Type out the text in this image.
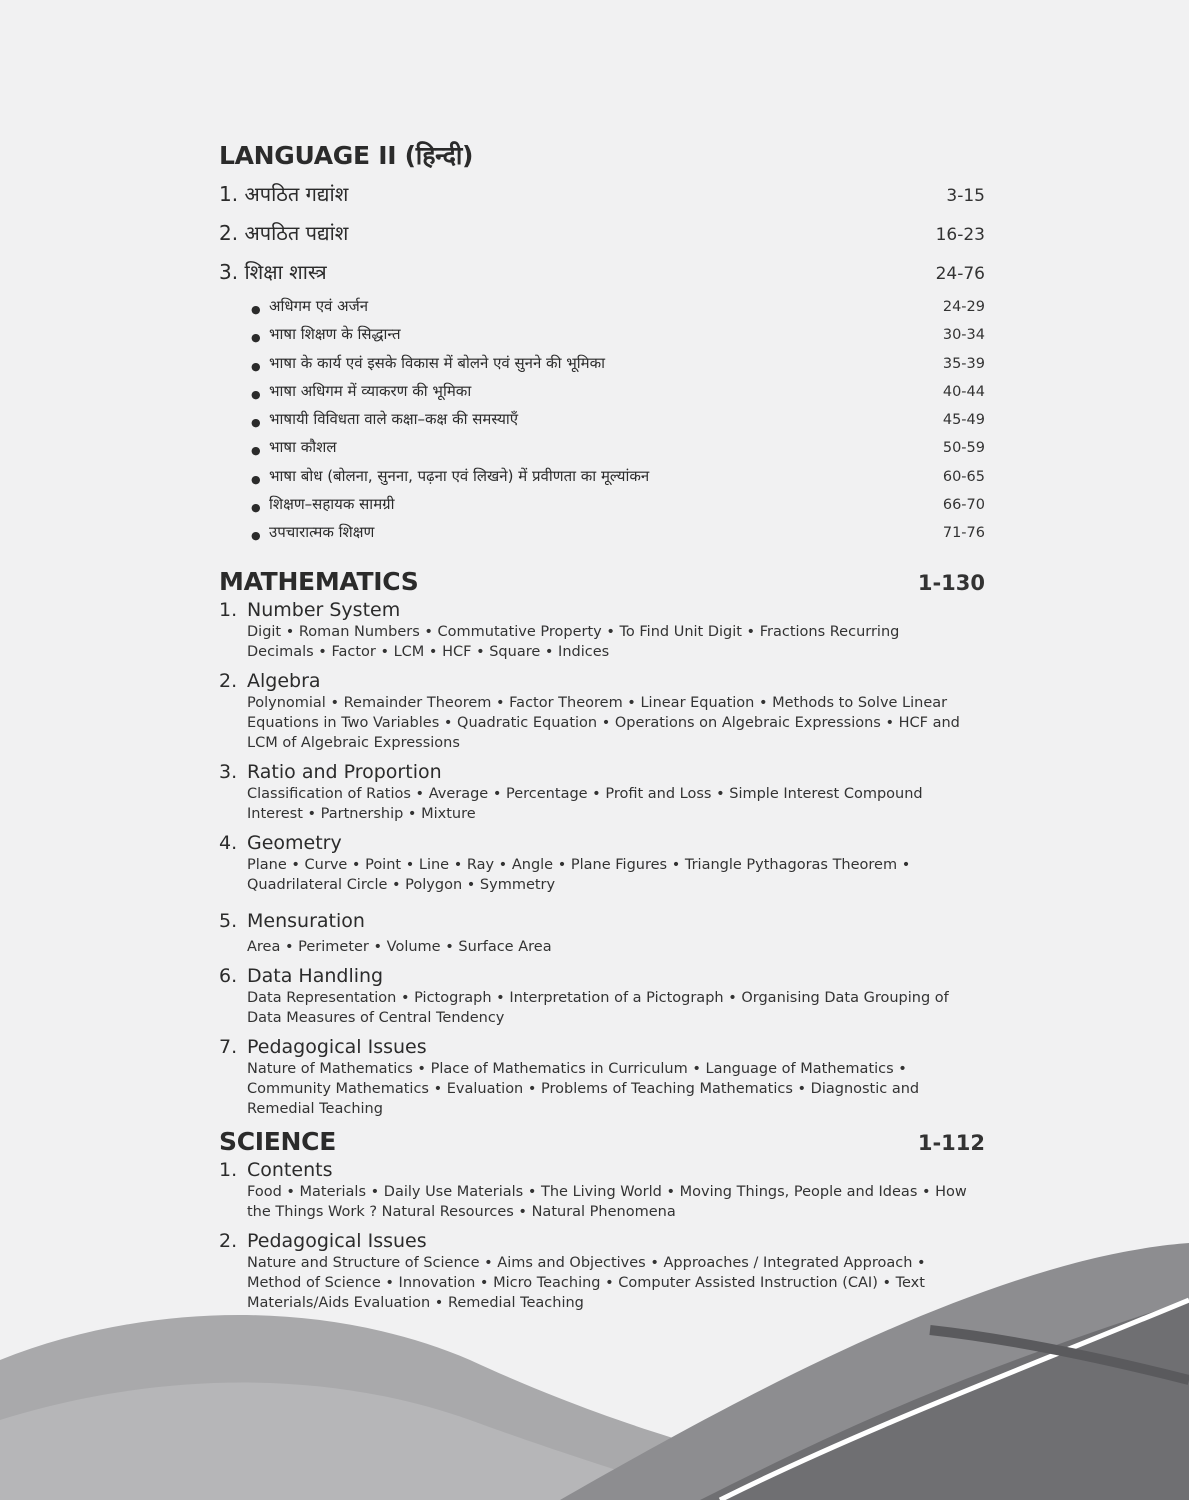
LANGUAGE II (हिन्दी)
1. अपठित गद्यांश	3-15
2. अपठित पद्यांश	16-23
3. शिक्षा शास्त्र	24-76
● अधिगम एवं अर्जन	24-29
● भाषा शिक्षण के सिद्धान्त	30-34
● भाषा के कार्य एवं इसके विकास में बोलने एवं सुनने की भूमिका	35-39
● भाषा अधिगम में व्याकरण की भूमिका	40-44
● भाषायी विविधता वाले कक्षा–कक्ष की समस्याएँ	45-49
● भाषा कौशल	50-59
● भाषा बोध (बोलना, सुनना, पढ़ना एवं लिखने) में प्रवीणता का मूल्यांकन	60-65
● शिक्षण–सहायक सामग्री	66-70
● उपचारात्मक शिक्षण	71-76
MATHEMATICS	1-130
1. Number System
Digit • Roman Numbers • Commutative Property • To Find Unit Digit • Fractions Recurring Decimals • Factor • LCM • HCF • Square • Indices
2. Algebra
Polynomial • Remainder Theorem • Factor Theorem • Linear Equation • Methods to Solve Linear Equations in Two Variables • Quadratic Equation • Operations on Algebraic Expressions • HCF and LCM of Algebraic Expressions
3. Ratio and Proportion
Classification of Ratios • Average • Percentage • Profit and Loss • Simple Interest Compound Interest • Partnership • Mixture
4. Geometry
Plane • Curve • Point • Line • Ray • Angle • Plane Figures • Triangle Pythagoras Theorem • Quadrilateral Circle • Polygon • Symmetry
5. Mensuration
Area • Perimeter • Volume • Surface Area
6. Data Handling
Data Representation • Pictograph • Interpretation of a Pictograph • Organising Data Grouping of Data Measures of Central Tendency
7. Pedagogical Issues
Nature of Mathematics • Place of Mathematics in Curriculum • Language of Mathematics • Community Mathematics • Evaluation • Problems of Teaching Mathematics • Diagnostic and Remedial Teaching
SCIENCE	1-112
1. Contents
Food • Materials • Daily Use Materials • The Living World • Moving Things, People and Ideas • How the Things Work ? Natural Resources • Natural Phenomena
2. Pedagogical Issues
Nature and Structure of Science • Aims and Objectives • Approaches / Integrated Approach • Method of Science • Innovation • Micro Teaching • Computer Assisted Instruction (CAI) • Text Materials/Aids Evaluation • Remedial Teaching
